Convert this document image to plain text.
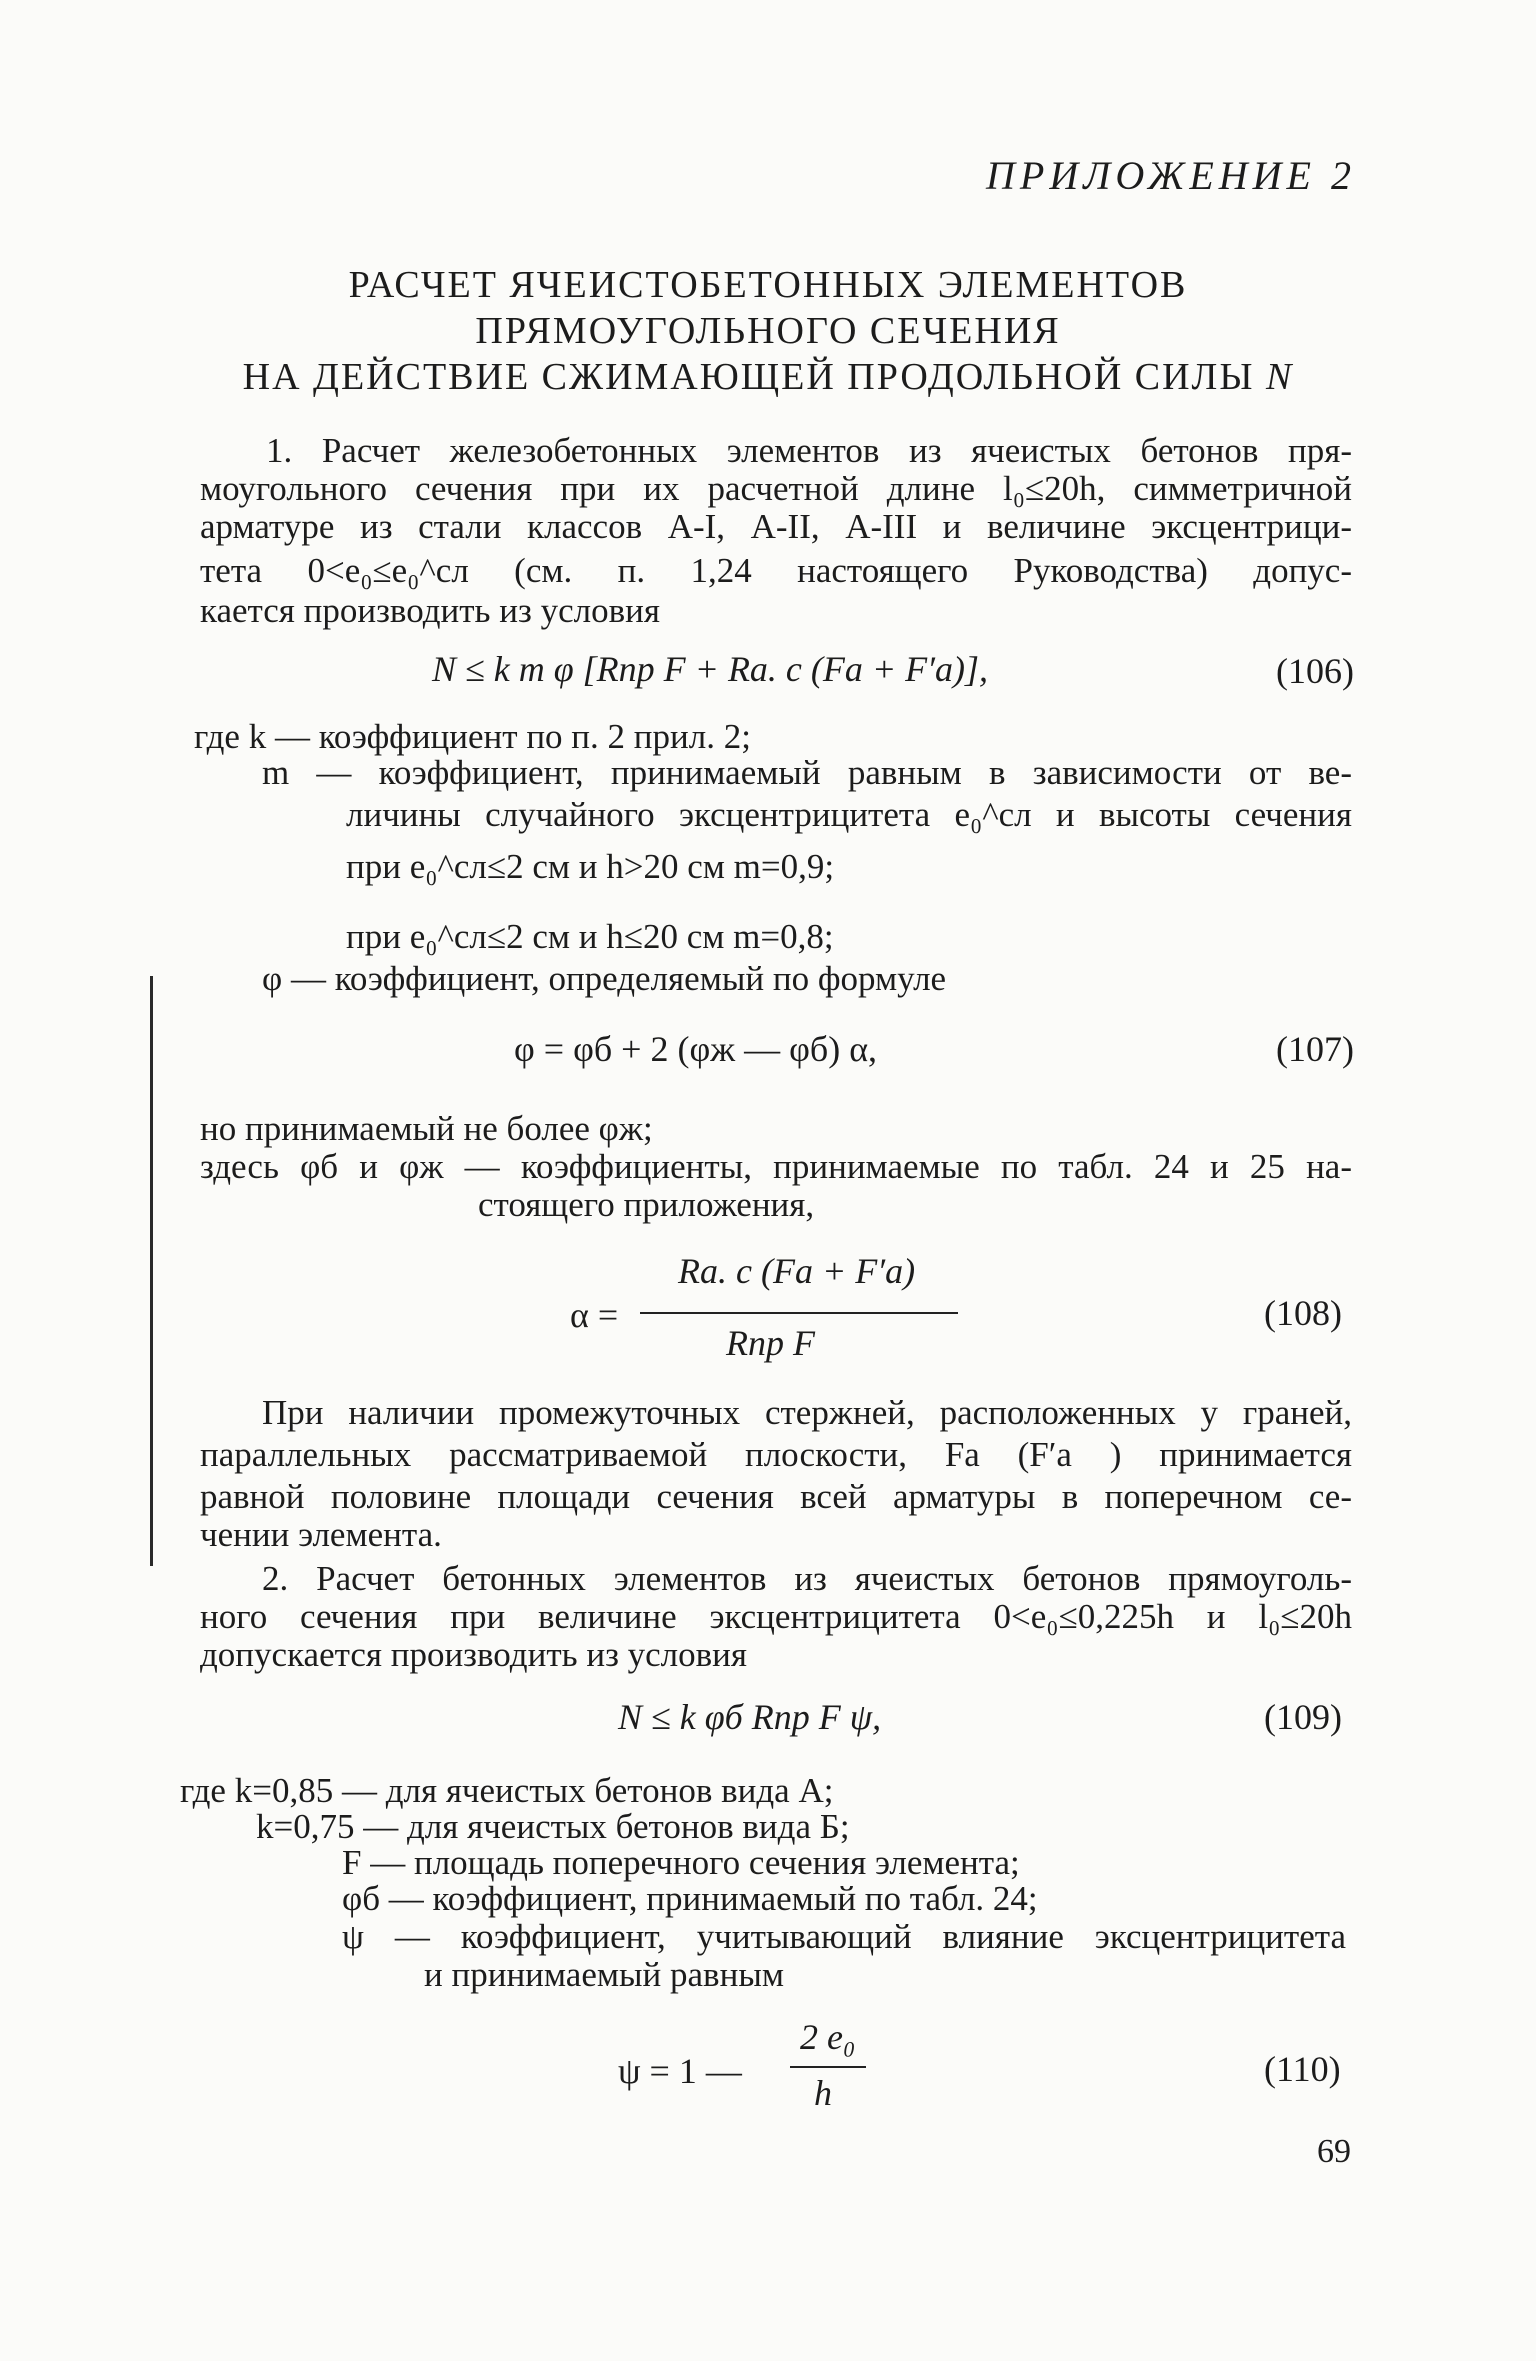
ПРИЛОЖЕНИЕ 2
РАСЧЕТ ЯЧЕИСТОБЕТОННЫХ ЭЛЕМЕНТОВ
ПРЯМОУГОЛЬНОГО СЕЧЕНИЯ
НА ДЕЙСТВИЕ СЖИМАЮЩЕЙ ПРОДОЛЬНОЙ СИЛЫ N
1. Расчет железобетонных элементов из ячеистых бетонов пря-
моугольного сечения при их расчетной длине l₀≤20h, симметричной
арматуре из стали классов А-I, А-II, А-III и величине эксцентрици-
тета 0<e₀≤e₀^сл (см. п. 1,24 настоящего Руководства) допус-
кается производить из условия
N ≤ k m φ [Rпр F + Rа. с (Fа + F′а)],	(106)
где k — коэффициент по п. 2 прил. 2;
m — коэффициент, принимаемый равным в зависимости от ве-
личины случайного эксцентрицитета e₀^сл и высоты сечения
при e₀^сл≤2 см и h>20 см m=0,9;
при e₀^сл≤2 см и h≤20 см m=0,8;
φ — коэффициент, определяемый по формуле
φ = φб + 2 (φж — φб) α,	(107)
но принимаемый не более φж;
здесь φб и φж — коэффициенты, принимаемые по табл. 24 и 25 на-
стоящего приложения,
α =
Rа. с (Fа + F′а)
Rпр F
(108)
При наличии промежуточных стержней, расположенных у граней,
параллельных рассматриваемой плоскости, Fа (F′а ) принимается
равной половине площади сечения всей арматуры в поперечном се-
чении элемента.
2. Расчет бетонных элементов из ячеистых бетонов прямоуголь-
ного сечения при величине эксцентрицитета 0<e₀≤0,225h и l₀≤20h
допускается производить из условия
N ≤ k φб Rпр F ψ,	(109)
где k=0,85 — для ячеистых бетонов вида А;
k=0,75 — для ячеистых бетонов вида Б;
F — площадь поперечного сечения элемента;
φб — коэффициент, принимаемый по табл. 24;
ψ — коэффициент, учитывающий влияние эксцентрицитета
и принимаемый равным
ψ = 1 —
2 e₀
h
(110)
69
